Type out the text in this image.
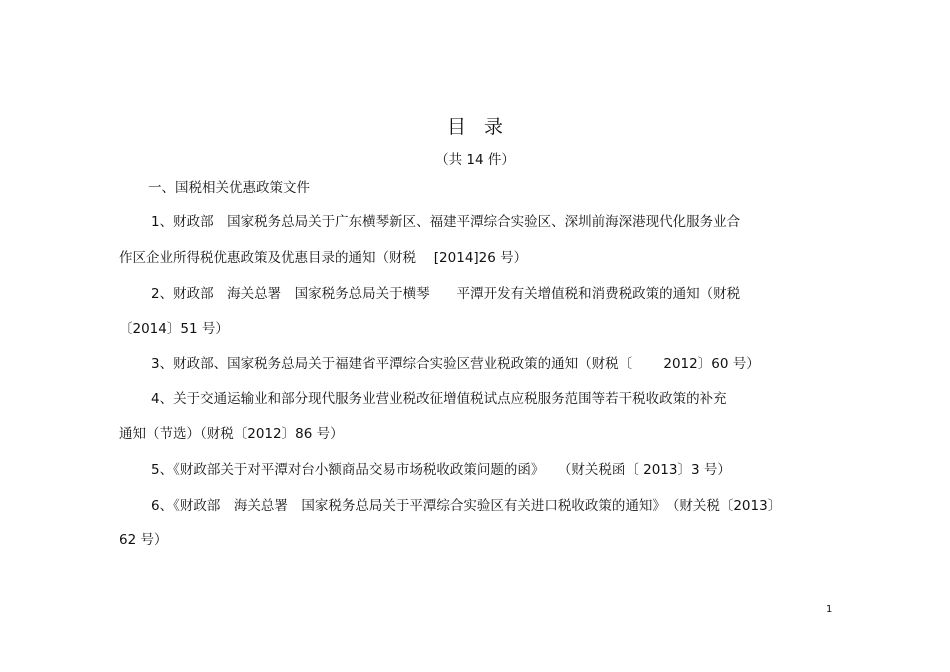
目录
（共 14 件）
一、国税相关优惠政策文件
1、财政部　国家税务总局关于广东横琴新区、福建平潭综合实验区、深圳前海深港现代化服务业合
作区企业所得税优惠政策及优惠目录的通知（财税　 [2014]26 号）
2、财政部　海关总署　国家税务总局关于横琴　　平潭开发有关增值税和消费税政策的通知（财税
〔2014〕51 号）
3、财政部、国家税务总局关于福建省平潭综合实验区营业税政策的通知（财税〔　　 2012〕60 号）
4、关于交通运输业和部分现代服务业营业税改征增值税试点应税服务范围等若干税收政策的补充
通知（节选）（财税〔2012〕86 号）
5、《财政部关于对平潭对台小额商品交易市场税收政策问题的函》　　（财关税函〔 2013〕3 号）
6、《财政部　海关总署　国家税务总局关于平潭综合实验区有关进口税收政策的通知》　（财关税〔2013〕
62 号）
1
